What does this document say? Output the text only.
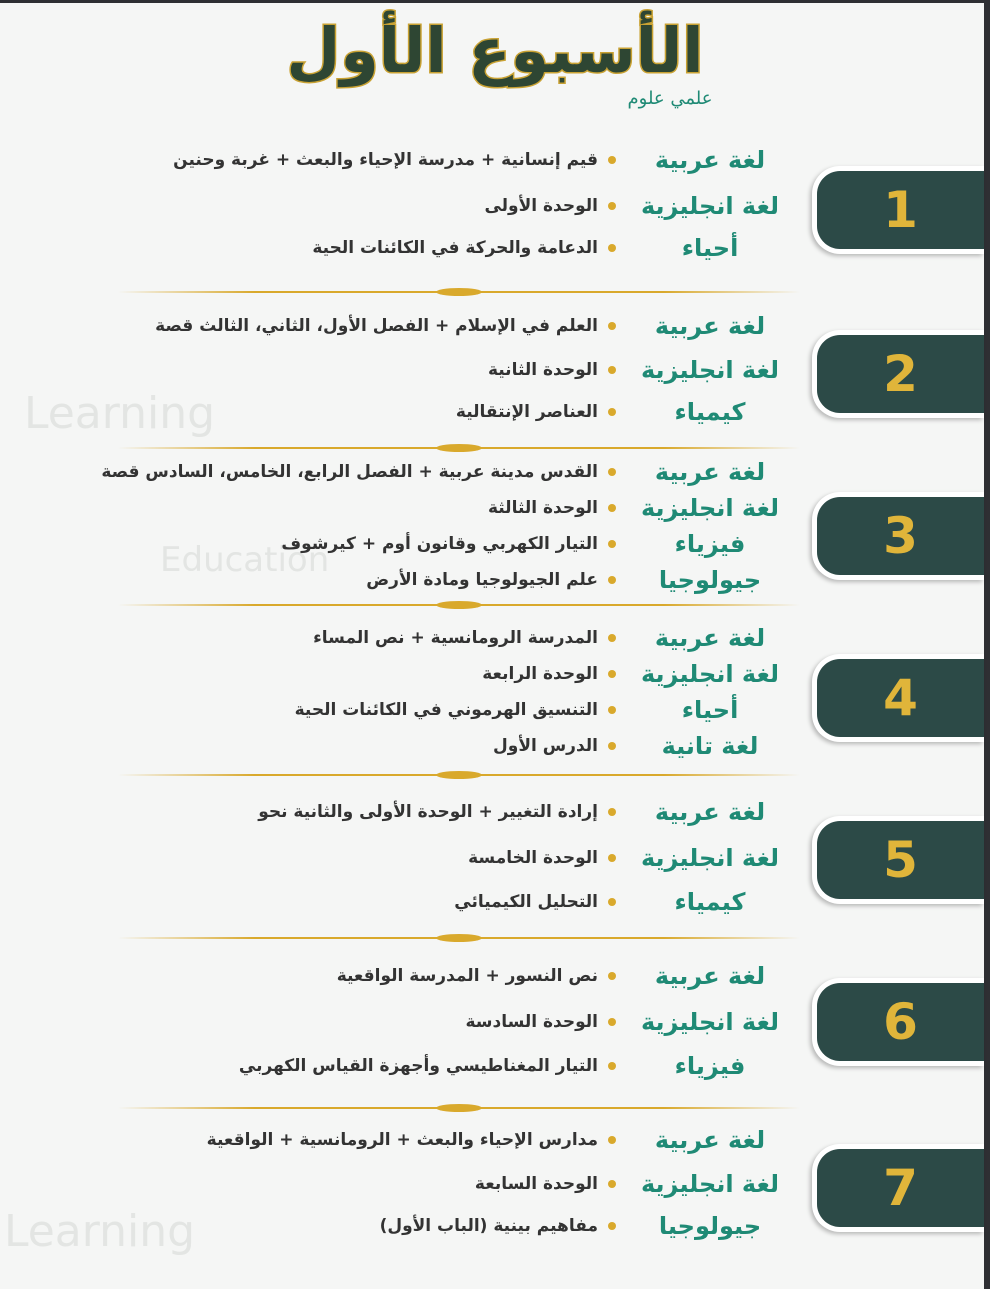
Learning
Education
Learning
الأسبوع الأول
علمي علوم
1
لغة عربية
قيم إنسانية + مدرسة الإحياء والبعث + غربة وحنين
لغة انجليزية
الوحدة الأولى
أحياء
الدعامة والحركة في الكائنات الحية
2
لغة عربية
العلم في الإسلام + الفصل الأول، الثاني، الثالث قصة
لغة انجليزية
الوحدة الثانية
كيمياء
العناصر الإنتقالية
3
لغة عربية
القدس مدينة عربية + الفصل الرابع، الخامس، السادس قصة
لغة انجليزية
الوحدة الثالثة
فيزياء
التيار الكهربي وقانون أوم + كيرشوف
جيولوجيا
علم الجيولوجيا ومادة الأرض
4
لغة عربية
المدرسة الرومانسية + نص المساء
لغة انجليزية
الوحدة الرابعة
أحياء
التنسيق الهرموني في الكائنات الحية
لغة تانية
الدرس الأول
5
لغة عربية
إرادة التغيير + الوحدة الأولى والثانية نحو
لغة انجليزية
الوحدة الخامسة
كيمياء
التحليل الكيميائي
6
لغة عربية
نص النسور + المدرسة الواقعية
لغة انجليزية
الوحدة السادسة
فيزياء
التيار المغناطيسي وأجهزة القياس الكهربي
7
لغة عربية
مدارس الإحياء والبعث + الرومانسية + الواقعية
لغة انجليزية
الوحدة السابعة
جيولوجيا
مفاهيم بينية (الباب الأول)
